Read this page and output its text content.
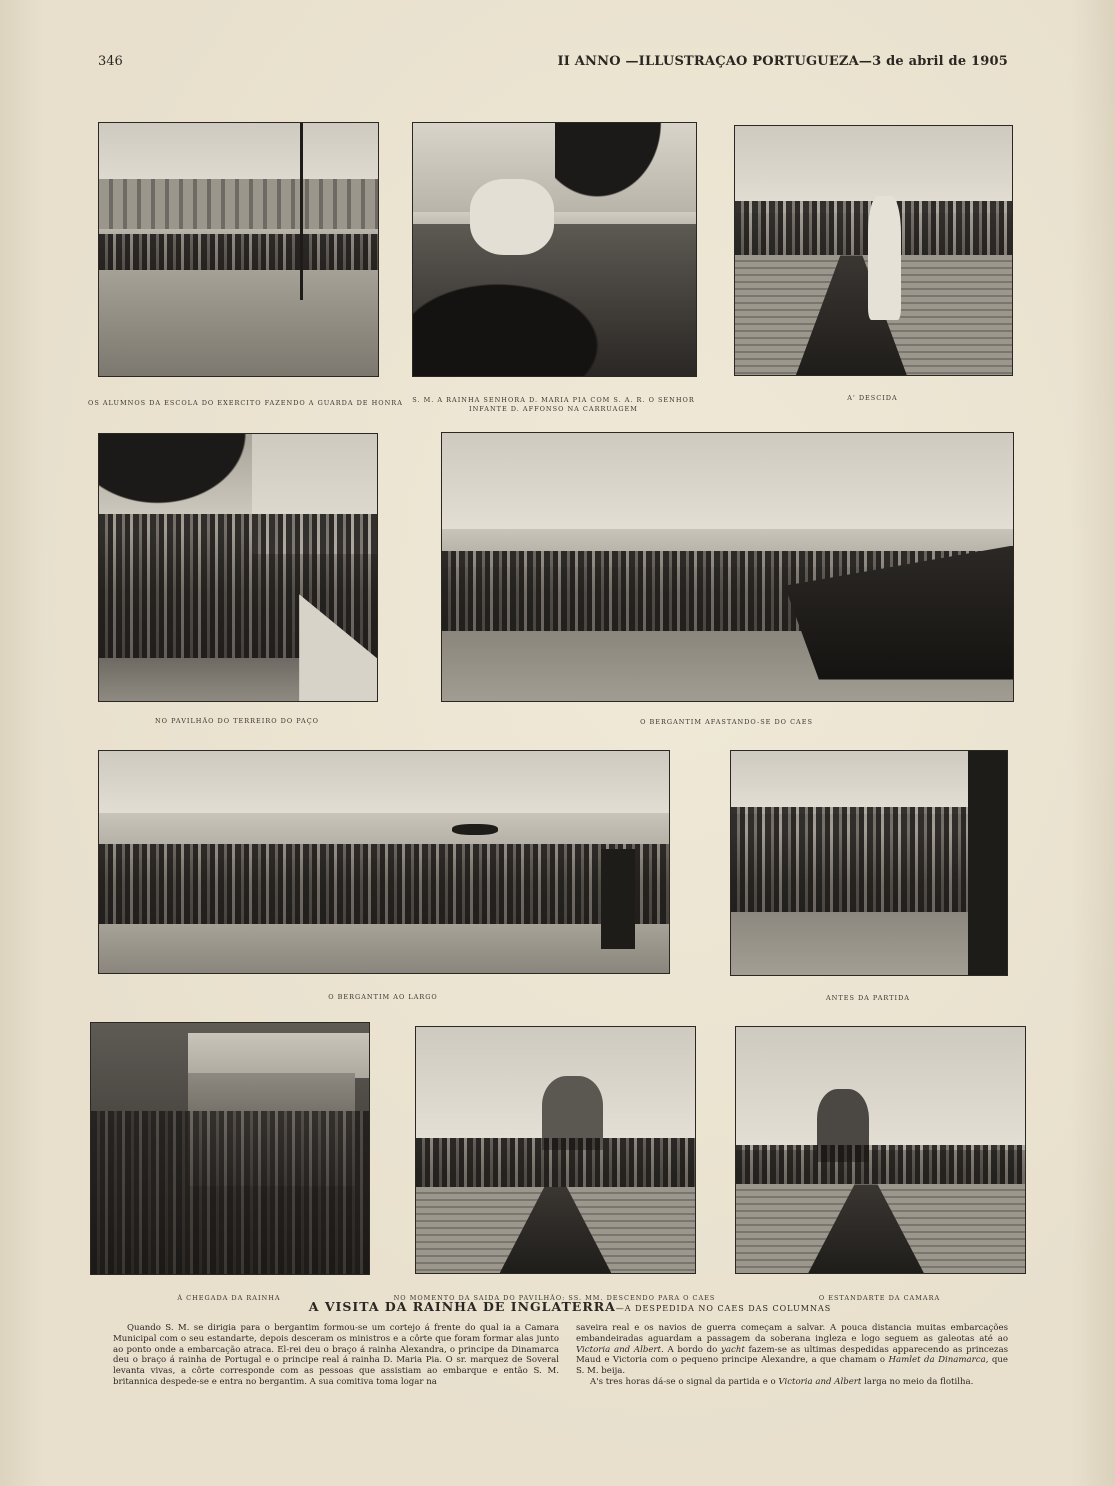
346	II ANNO —ILLUSTRAÇAO PORTUGUEZA—3 de abril de 1905
OS ALUMNOS DA ESCOLA DO EXERCITO FAZENDO A GUARDA DE HONRA	S. M. A RAINHA SENHORA D. MARIA PIA COM S. A. R. O SENHOR
INFANTE D. AFFONSO NA CARRUAGEM
A' DESCIDA
NO PAVILHÃO DO TERREIRO DO PAÇO	O BERGANTIM AFASTANDO-SE DO CAES
O BERGANTIM AO LARGO	ANTES DA PARTIDA
Á CHEGADA DA RAINHA	NO MOMENTO DA SAIDA DO PAVILHÃO: SS. MM. DESCENDO PARA O CAES	O ESTANDARTE DA CAMARA
A VISITA DA RAINHA DE INGLATERRA—A DESPEDIDA NO CAES DAS COLUMNAS

Quando S. M. se dirigia para o bergantim formou-se um cortejo á frente do qual ia a Camara Municipal com o seu estandarte, depois desceram os ministros e a côrte que foram formar alas junto ao ponto onde a embarcação atraca. El-rei deu o braço á rainha Alexandra, o principe da Dinamarca deu o braço á rainha de Portugal e o principe real á rainha D. Maria Pia. O sr. marquez de Soveral levanta vivas, a côrte corresponde com as pessoas que assistiam ao embarque e então S. M. britannica despede-se e entra no bergantim. A sua comitiva toma logar na

saveira real e os navios de guerra começam a salvar. A pouca distancia muitas embarcações embandeiradas aguardam a passagem da soberana ingleza e logo seguem as galeotas até ao Victoria and Albert. A bordo do yacht fazem-se as ultimas despedidas apparecendo as princezas Maud e Victoria com o pequeno principe Alexandre, a que chamam o Hamlet da Dinamarca, que S. M. beija.

A's tres horas dá-se o signal da partida e o Victoria and Albert larga no meio da flotilha.
